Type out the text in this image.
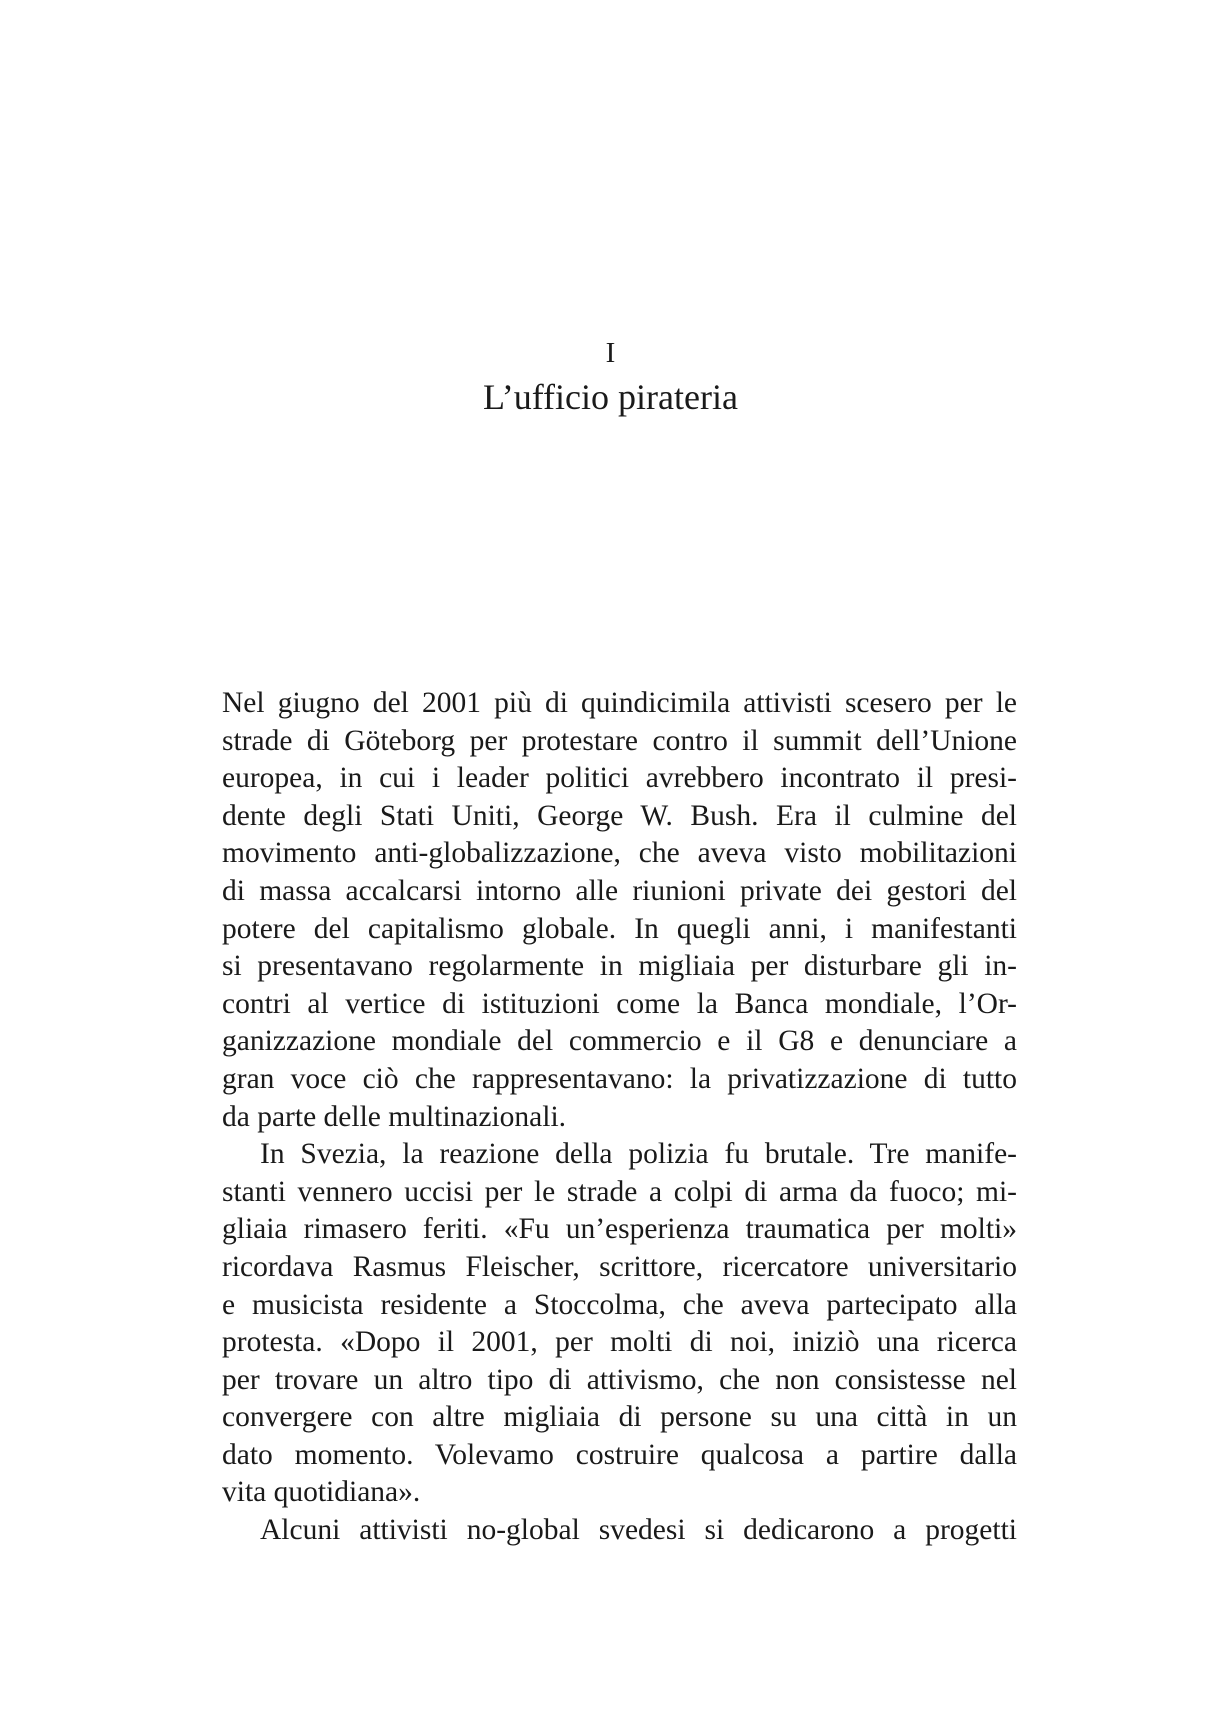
I
L’ufficio pirateria
Nel giugno del 2001 più di quindicimila attivisti scesero per le
strade di Göteborg per protestare contro il summit dell’Unione
europea, in cui i leader politici avrebbero incontrato il presi-
dente degli Stati Uniti, George W. Bush. Era il culmine del
movimento anti-globalizzazione, che aveva visto mobilitazioni
di massa accalcarsi intorno alle riunioni private dei gestori del
potere del capitalismo globale. In quegli anni, i manifestanti
si presentavano regolarmente in migliaia per disturbare gli in-
contri al vertice di istituzioni come la Banca mondiale, l’Or-
ganizzazione mondiale del commercio e il G8 e denunciare a
gran voce ciò che rappresentavano: la privatizzazione di tutto
da parte delle multinazionali.
In Svezia, la reazione della polizia fu brutale. Tre manife-
stanti vennero uccisi per le strade a colpi di arma da fuoco; mi-
gliaia rimasero feriti. «Fu un’esperienza traumatica per molti»
ricordava Rasmus Fleischer, scrittore, ricercatore universitario
e musicista residente a Stoccolma, che aveva partecipato alla
protesta. «Dopo il 2001, per molti di noi, iniziò una ricerca
per trovare un altro tipo di attivismo, che non consistesse nel
convergere con altre migliaia di persone su una città in un
dato momento. Volevamo costruire qualcosa a partire dalla
vita quotidiana».
Alcuni attivisti no-global svedesi si dedicarono a progetti
